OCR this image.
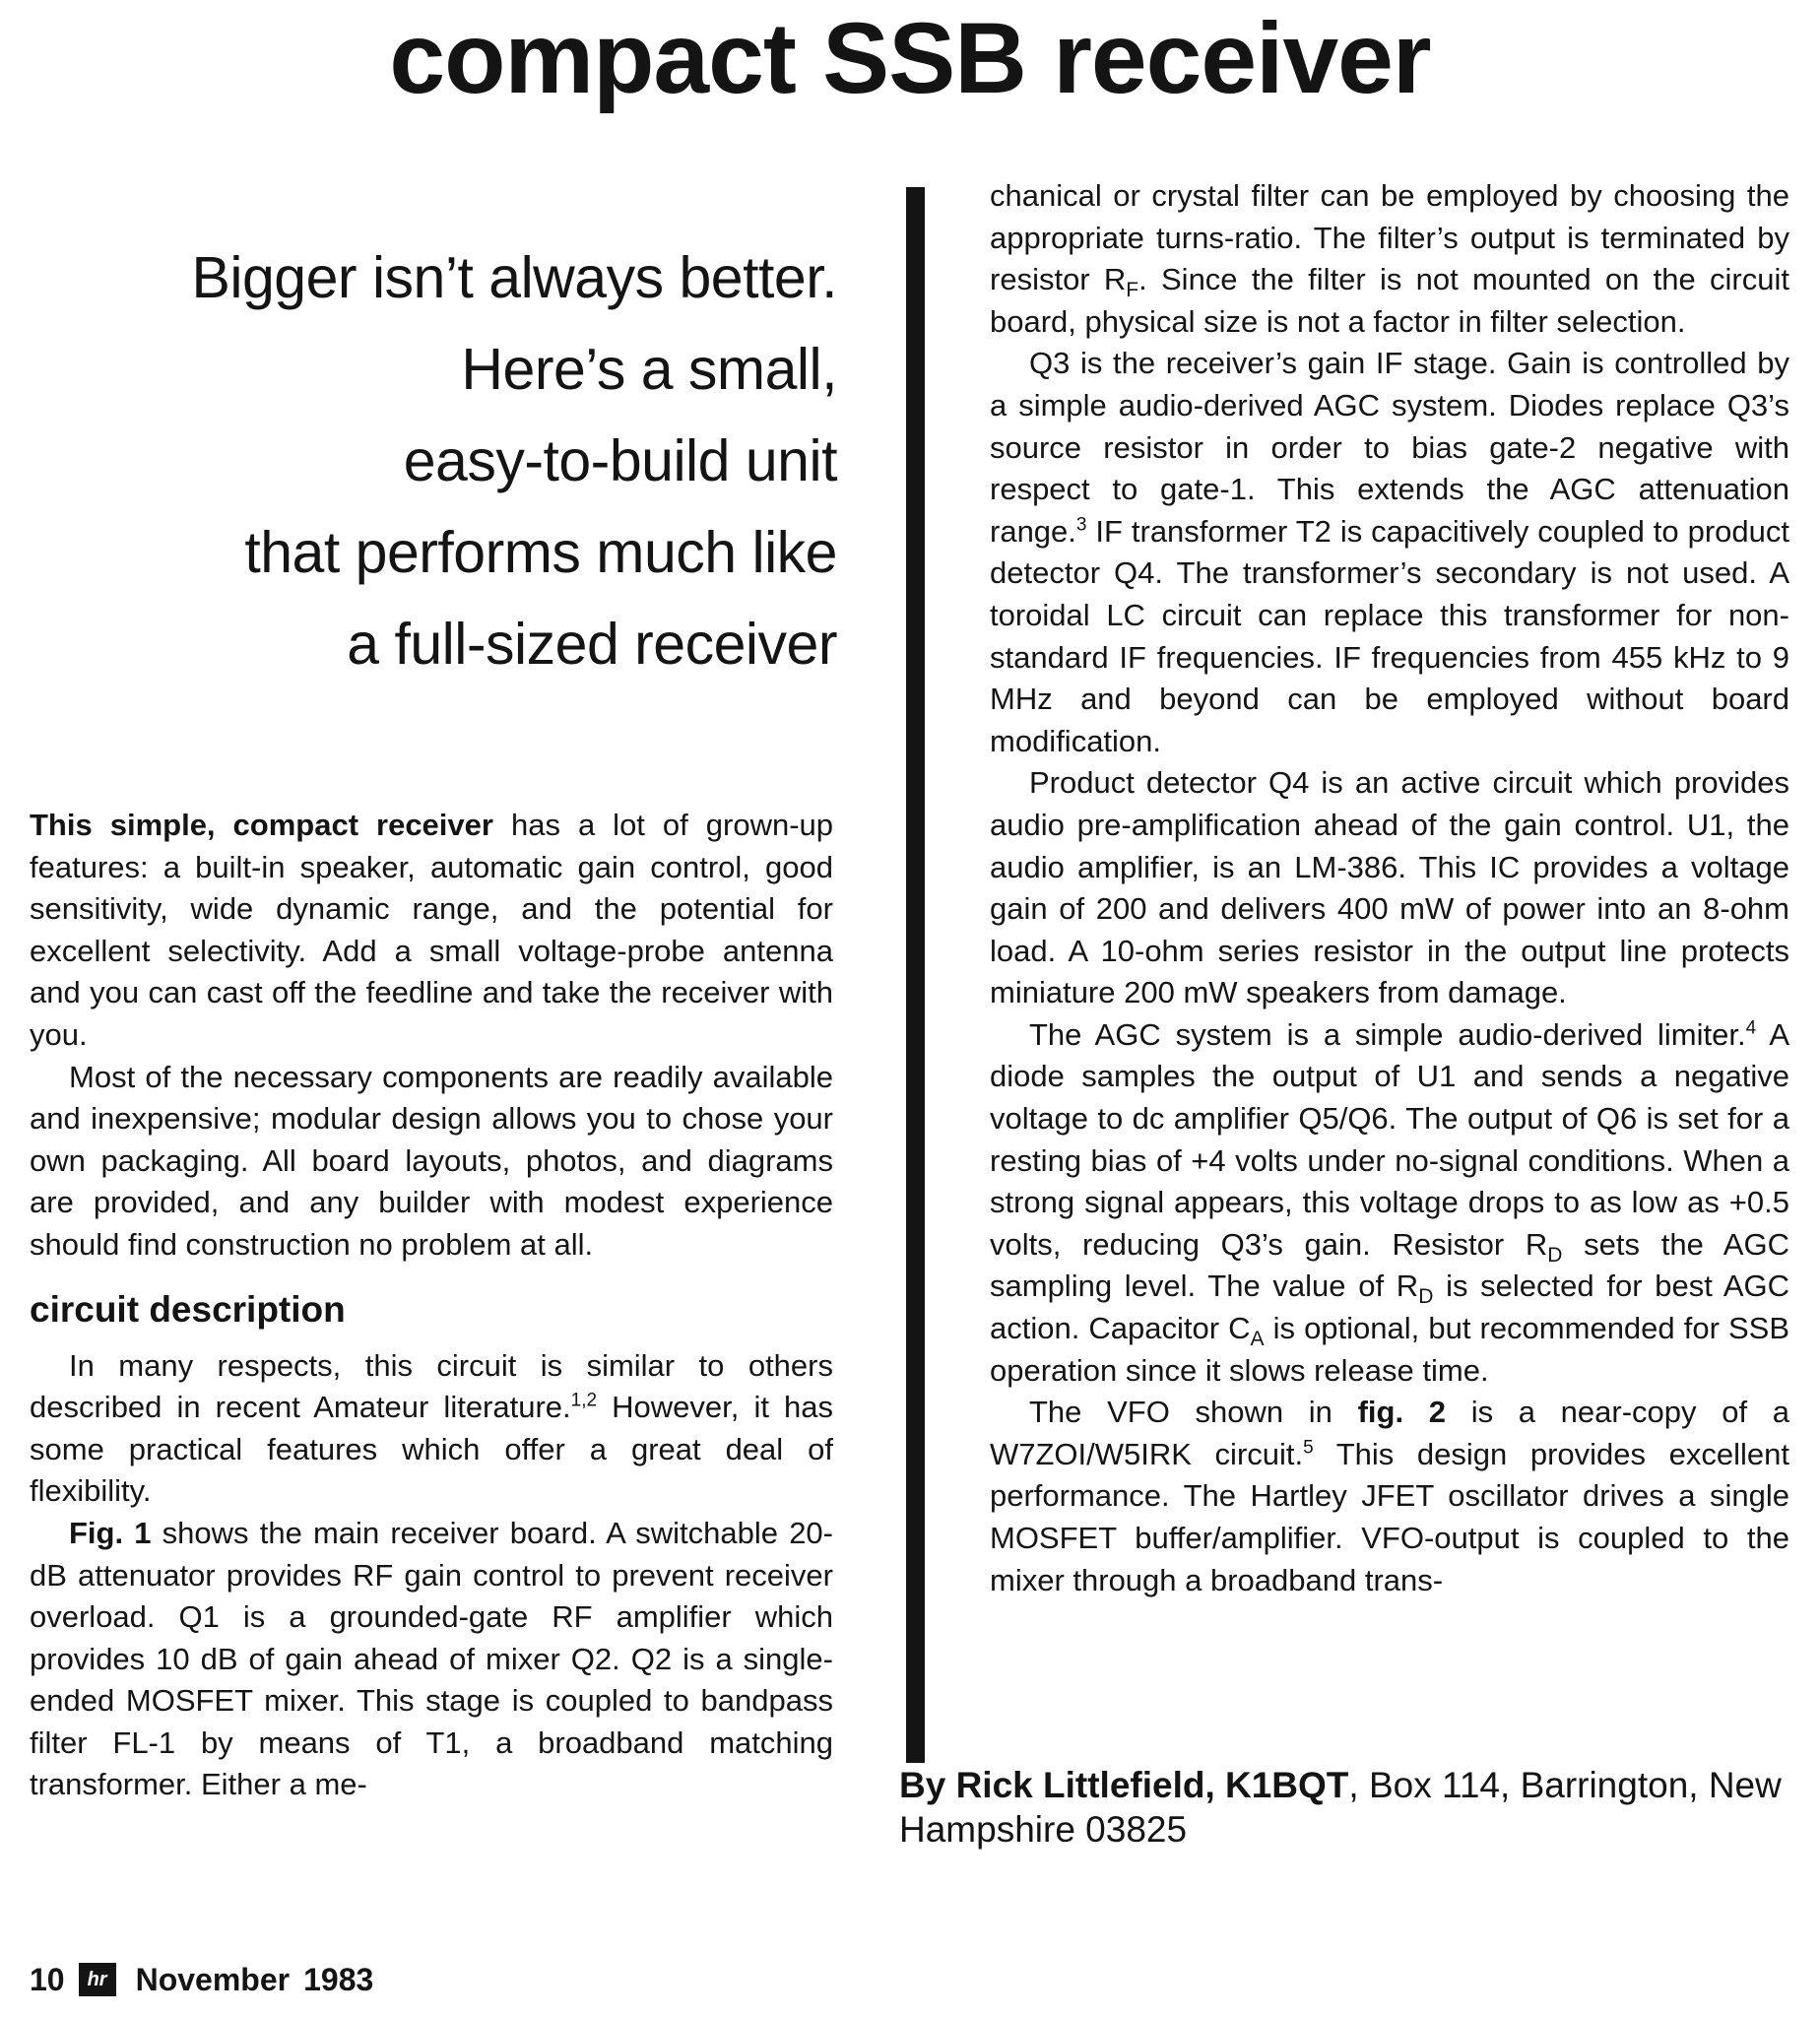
compact SSB receiver
Bigger isn’t always better.
Here’s a small,
easy-to-build unit
that performs much like
a full-sized receiver

This simple, compact receiver has a lot of grown-up features: a built-in speaker, automatic gain control, good sensitivity, wide dynamic range, and the potential for excellent selectivity. Add a small voltage-probe antenna and you can cast off the feedline and take the receiver with you.

Most of the necessary components are readily available and inexpensive; modular design allows you to chose your own packaging. All board layouts, photos, and diagrams are provided, and any builder with modest experience should find construction no problem at all.

circuit description

In many respects, this circuit is similar to others described in recent Amateur literature.$^{1,2}$ However, it has some practical features which offer a great deal of flexibility.

Fig. 1 shows the main receiver board. A switchable 20-dB attenuator provides RF gain control to prevent receiver overload. Q1 is a grounded-gate RF amplifier which provides 10 dB of gain ahead of mixer Q2. Q2 is a single-ended MOSFET mixer. This stage is coupled to bandpass filter FL-1 by means of T1, a broadband matching transformer. Either a me-

chanical or crystal filter can be employed by choosing the appropriate turns-ratio. The filter’s output is terminated by resistor $R_F$. Since the filter is not mounted on the circuit board, physical size is not a factor in filter selection.

Q3 is the receiver’s gain IF stage. Gain is controlled by a simple audio-derived AGC system. Diodes replace Q3’s source resistor in order to bias gate-2 negative with respect to gate-1. This extends the AGC attenuation range.$^3$ IF transformer T2 is capacitively coupled to product detector Q4. The transformer’s secondary is not used. A toroidal LC circuit can replace this transformer for non-standard IF frequencies. IF frequencies from 455 kHz to 9 MHz and beyond can be employed without board modification.

Product detector Q4 is an active circuit which provides audio pre-amplification ahead of the gain control. U1, the audio amplifier, is an LM-386. This IC provides a voltage gain of 200 and delivers 400 mW of power into an 8-ohm load. A 10-ohm series resistor in the output line protects miniature 200 mW speakers from damage.

The AGC system is a simple audio-derived limiter.$^4$ A diode samples the output of U1 and sends a negative voltage to dc amplifier Q5/Q6. The output of Q6 is set for a resting bias of +4 volts under no-signal conditions. When a strong signal appears, this voltage drops to as low as +0.5 volts, reducing Q3’s gain. Resistor $R_D$ sets the AGC sampling level. The value of $R_D$ is selected for best AGC action. Capacitor $C_A$ is optional, but recommended for SSB operation since it slows release time.

The VFO shown in fig. 2 is a near-copy of a W7ZOI/W5IRK circuit.$^5$ This design provides excellent performance. The Hartley JFET oscillator drives a single MOSFET buffer/amplifier. VFO-output is coupled to the mixer through a broadband trans-

By Rick Littlefield, K1BQT, Box 114, Barrington, New Hampshire 03825

10	hr November 1983
